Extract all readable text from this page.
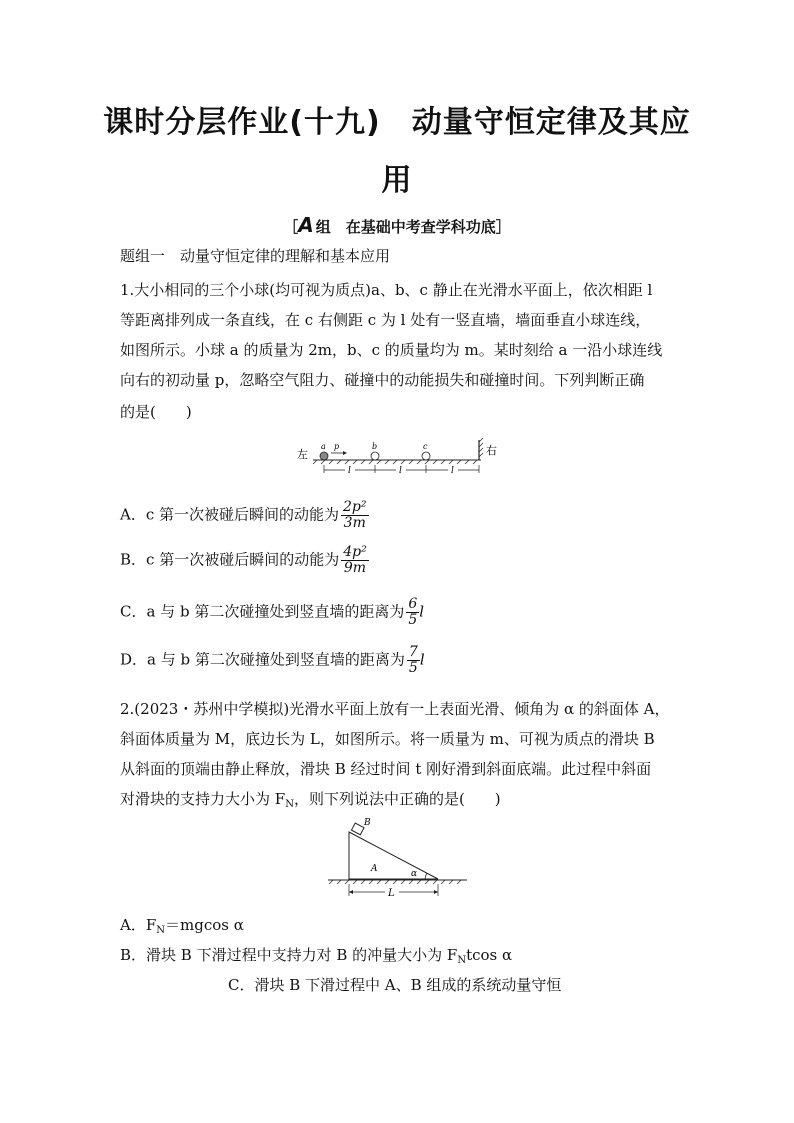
课时分层作业(十九)　动量守恒定律及其应
用
［A 组　在基础中考查学科功底］
题组一　动量守恒定律的理解和基本应用
1.大小相同的三个小球(均可视为质点)a、b、c 静止在光滑水平面上，依次相距 l
等距离排列成一条直线，在 c 右侧距 c 为 l 处有一竖直墙，墙面垂直小球连线，
如图所示。小球 a 的质量为 2m，b、c 的质量均为 m。某时刻给 a 一沿小球连线
向右的初动量 p，忽略空气阻力、碰撞中的动能损失和碰撞时间。下列判断正确
的是(　　)
左	右
a p	b	c
l	l	l
A．c 第一次被碰后瞬间的动能为 $\frac{\text{2p²}}{3m}$
B．c 第一次被碰后瞬间的动能为 $\frac{\text{4p²}}{9m}$
C．a 与 b 第二次碰撞处到竖直墙的距离为 $\frac{6}{5}$ l
D．a 与 b 第二次碰撞处到竖直墙的距离为 $\frac{7}{5}$ l
2.(2023・苏州中学模拟)光滑水平面上放有一上表面光滑、倾角为 α 的斜面体 A，
斜面体质量为 M，底边长为 L，如图所示。将一质量为 m、可视为质点的滑块 B
从斜面的顶端由静止释放，滑块 B 经过时间 t 刚好滑到斜面底端。此过程中斜面
对滑块的支持力大小为 $F_N$，则下列说法中正确的是(　　)
B
A	α
L
A．$F_N=mgcos$ α
B．滑块 B 下滑过程中支持力对 B 的冲量大小为 $F_Ntcos$ α
C．滑块 B 下滑过程中 A、B 组成的系统动量守恒
